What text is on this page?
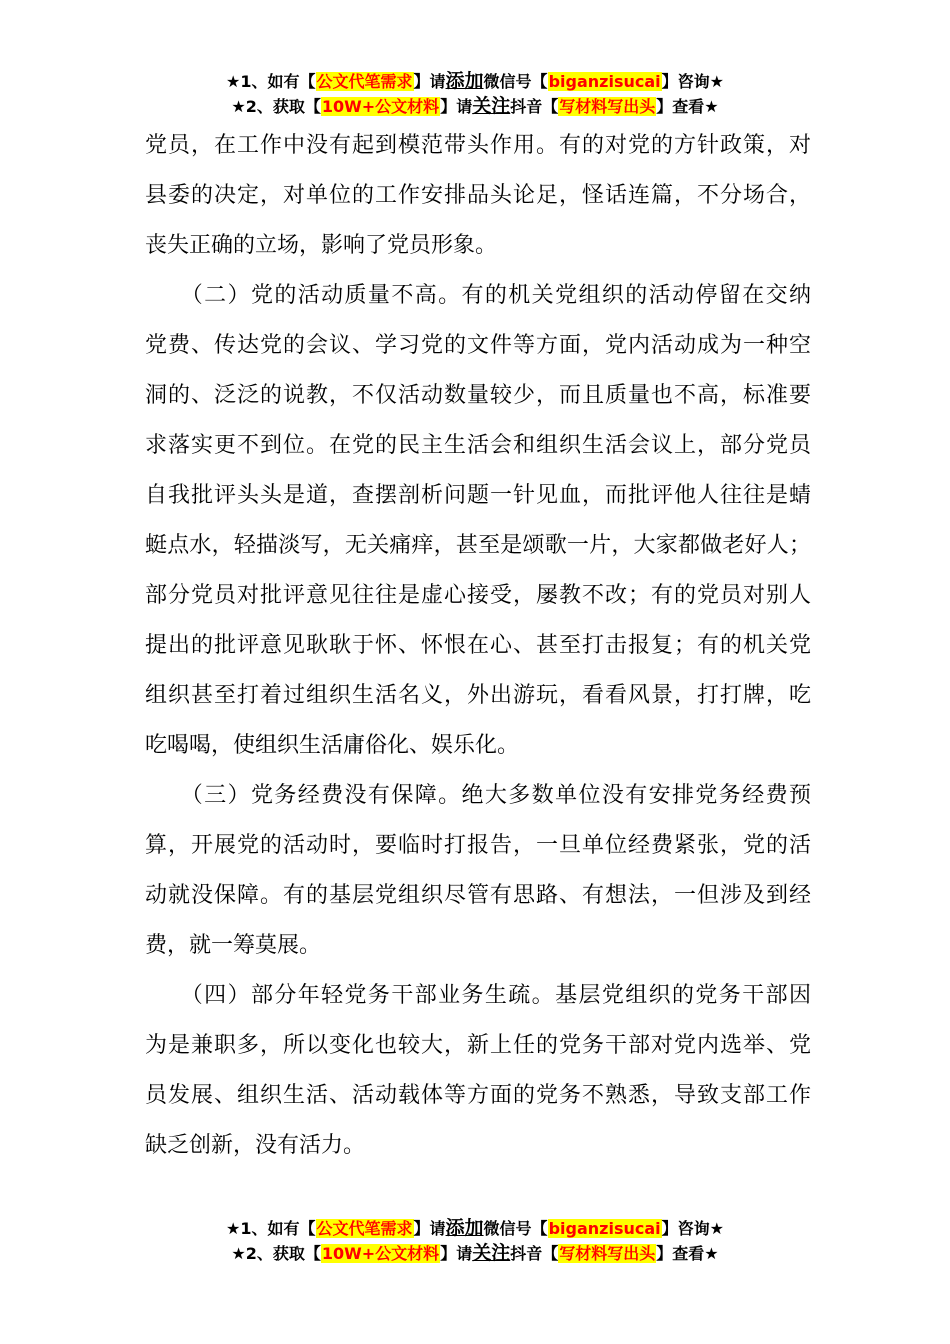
★1、如有【公文代笔需求】请添加微信号【biganzisucai】咨询★
★2、获取【10W+公文材料】请关注抖音【写材料写出头】查看★

党员，在工作中没有起到模范带头作用。有的对党的方针政策，对
县委的决定，对单位的工作安排品头论足，怪话连篇，不分场合，
丧失正确的立场，影响了党员形象。

　　（二）党的活动质量不高。有的机关党组织的活动停留在交纳
党费、传达党的会议、学习党的文件等方面，党内活动成为一种空
洞的、泛泛的说教，不仅活动数量较少，而且质量也不高，标准要
求落实更不到位。在党的民主生活会和组织生活会议上，部分党员
自我批评头头是道，查摆剖析问题一针见血，而批评他人往往是蜻
蜓点水，轻描淡写，无关痛痒，甚至是颂歌一片，大家都做老好人；
部分党员对批评意见往往是虚心接受，屡教不改；有的党员对别人
提出的批评意见耿耿于怀、怀恨在心、甚至打击报复；有的机关党
组织甚至打着过组织生活名义，外出游玩，看看风景，打打牌，吃
吃喝喝，使组织生活庸俗化、娱乐化。

　　（三）党务经费没有保障。绝大多数单位没有安排党务经费预
算，开展党的活动时，要临时打报告，一旦单位经费紧张，党的活
动就没保障。有的基层党组织尽管有思路、有想法，一但涉及到经
费，就一筹莫展。

　　（四）部分年轻党务干部业务生疏。基层党组织的党务干部因
为是兼职多，所以变化也较大，新上任的党务干部对党内选举、党
员发展、组织生活、活动载体等方面的党务不熟悉，导致支部工作
缺乏创新，没有活力。

★1、如有【公文代笔需求】请添加微信号【biganzisucai】咨询★
★2、获取【10W+公文材料】请关注抖音【写材料写出头】查看★
